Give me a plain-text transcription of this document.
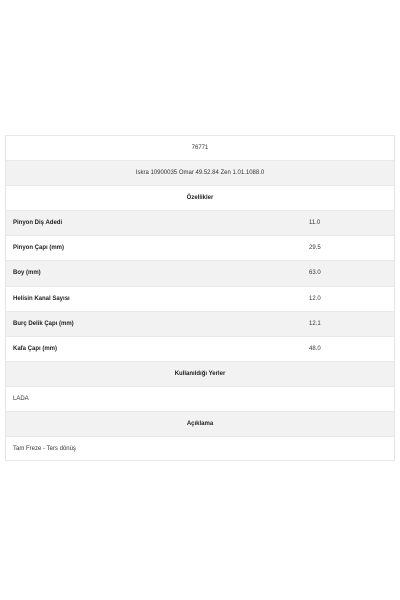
76771
Iskra 10900035 Omar 49.52.84 Zen 1.01.1088.0
Özellikler
Pinyon Diş Adedi	11.0
Pinyon Çapı (mm)	29.5
Boy (mm)	63.0
Helisin Kanal Sayısı	12.0
Burç Delik Çapı (mm)	12.1
Kafa Çapı (mm)	48.0
Kullanıldığı Yerler
LADA
Açıklama
Tam Freze - Ters dönüş
